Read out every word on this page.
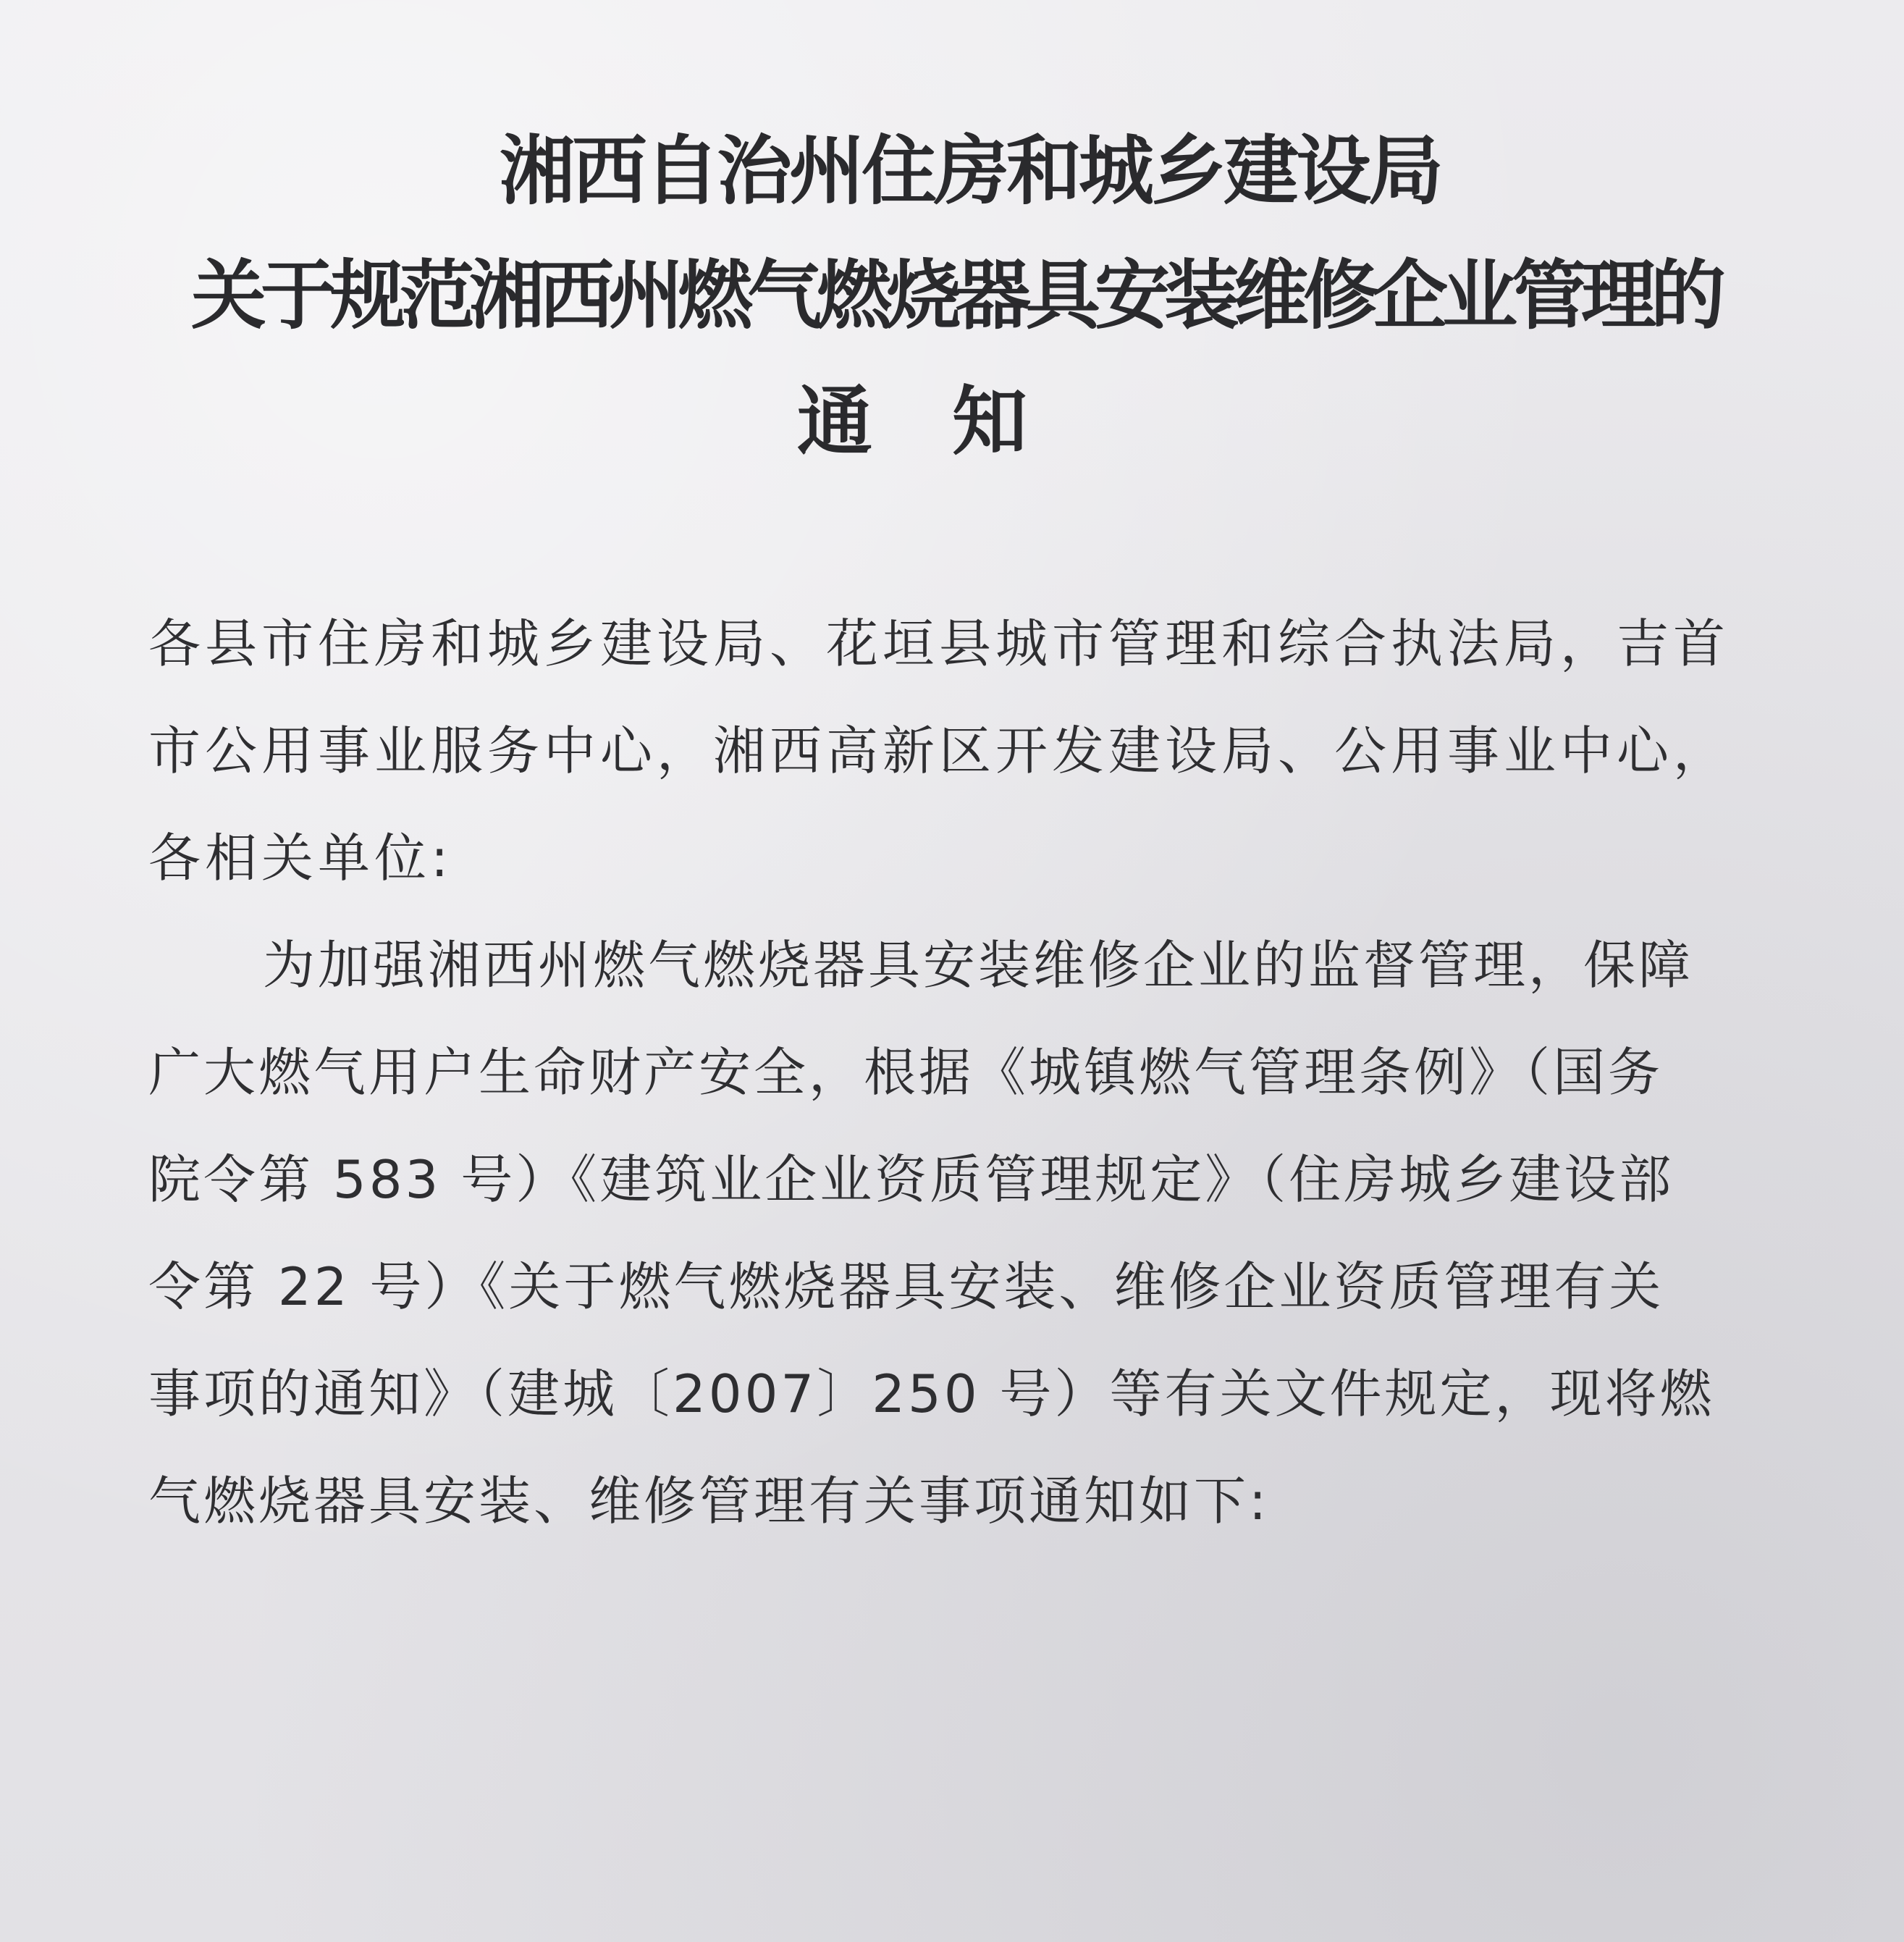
湘西自治州住房和城乡建设局
关于规范湘西州燃气燃烧器具安装维修企业管理的
通知
各县市住房和城乡建设局、花垣县城市管理和综合执法局，吉首
市公用事业服务中心，湘西高新区开发建设局、公用事业中心，
各相关单位:
为加强湘西州燃气燃烧器具安装维修企业的监督管理，保障
广大燃气用户生命财产安全，根据《城镇燃气管理条例》（国务
院令第 583 号）《建筑业企业资质管理规定》（住房城乡建设部
令第 22 号）《关于燃气燃烧器具安装、维修企业资质管理有关
事项的通知》（建城〔2007〕250 号）等有关文件规定，现将燃
气燃烧器具安装、维修管理有关事项通知如下:
